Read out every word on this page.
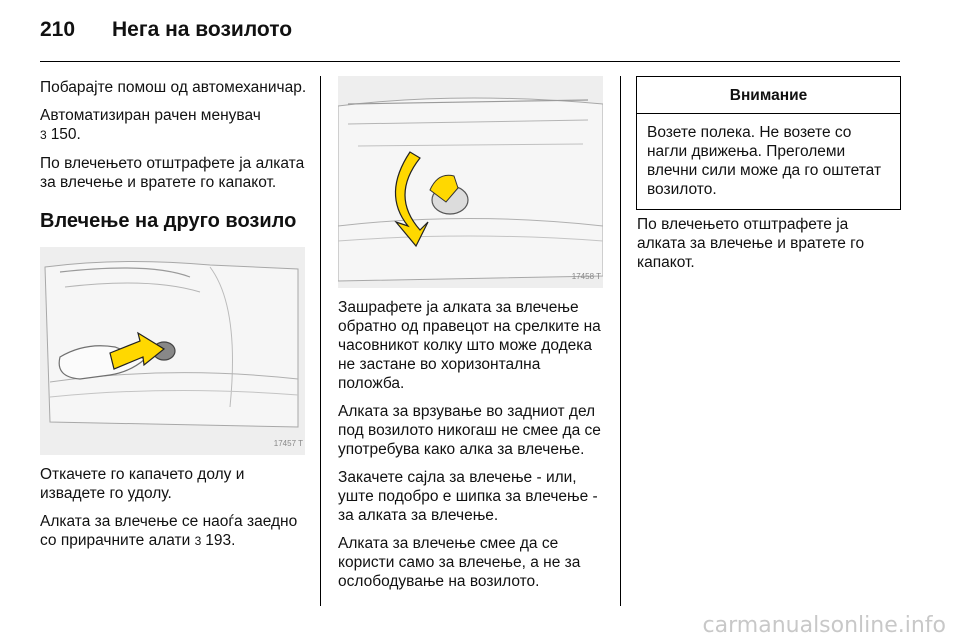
210 Нега на возилото

Побарајте помош од автомеханичар.

Автоматизиран рачен менувач
3 150.

По влечењето отштрафете ја алката за влечење и вратете го капакот.

Влечење на друго возило
17457 T

Откачете го капачето долу и извадете го удолу.

Алката за влечење се наоѓа заедно со прирачните алати 3 193.

17458 T

Зашрафете ја алката за влечење обратно од правецот на срелките на часовникот колку што може додека не застане во хоризонтална положба.

Алката за врзување во задниот дел под возилото никогаш не смее да се употребува како алка за влечење.

Закачете сајла за влечење - или, уште подобро е шипка за влечење - за алката за влечење.

Алката за влечење смее да се користи само за влечење, а не за ослободување на возилото.

Внимание
Возете полека. Не возете со нагли движења. Преголеми влечни сили може да го оштетат возилото.

По влечењето отштрафете ја алката за влечење и вратете го капакот.

carmanualsonline.info
